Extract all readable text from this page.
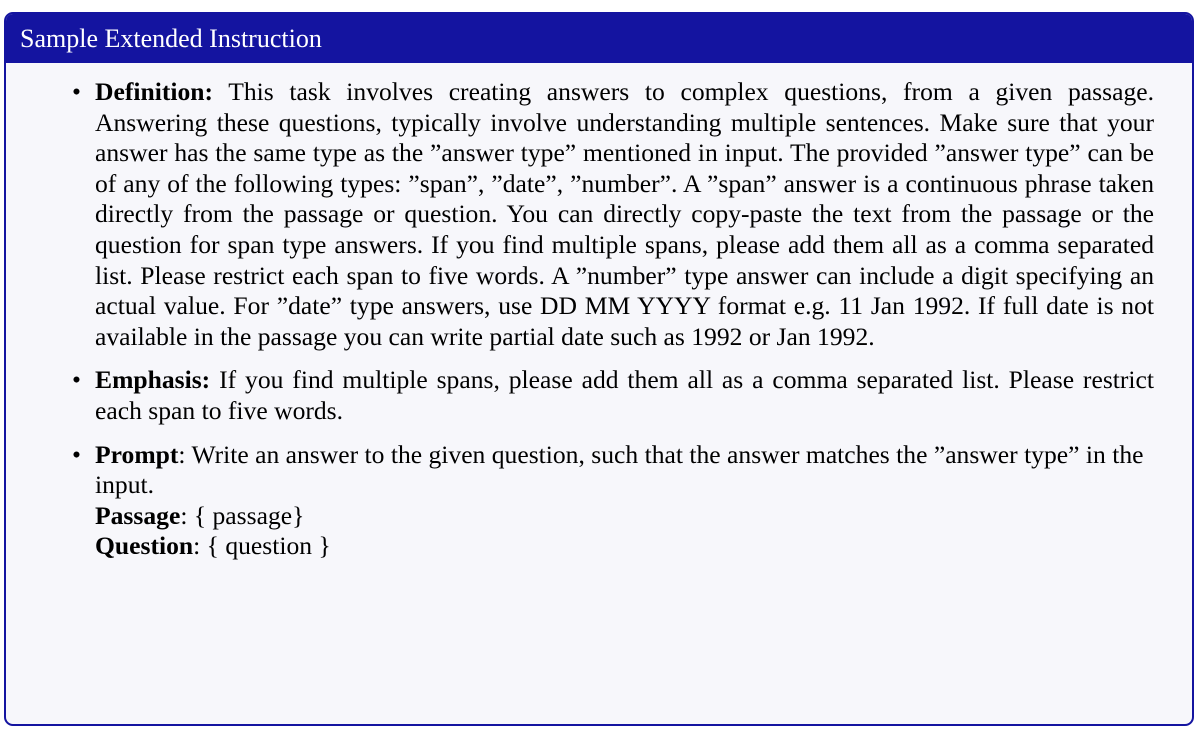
Sample Extended Instruction
• Definition: This task involves creating answers to complex questions, from a given passage. Answering these questions, typically involve understanding multiple sentences. Make sure that your answer has the same type as the ”answer type” mentioned in input. The provided ”answer type” can be of any of the following types: ”span”, ”date”, ”number”. A ”span” answer is a continuous phrase taken directly from the passage or question. You can directly copy-paste the text from the passage or the question for span type answers. If you find multiple spans, please add them all as a comma separated list. Please restrict each span to five words. A ”number” type answer can include a digit specifying an actual value. For ”date” type answers, use DD MM YYYY format e.g. 11 Jan 1992. If full date is not available in the passage you can write partial date such as 1992 or Jan 1992.
• Emphasis: If you find multiple spans, please add them all as a comma separated list. Please restrict each span to five words.
• Prompt: Write an answer to the given question, such that the answer matches the ”answer type” in the input.
Passage: { passage}
Question: { question }
